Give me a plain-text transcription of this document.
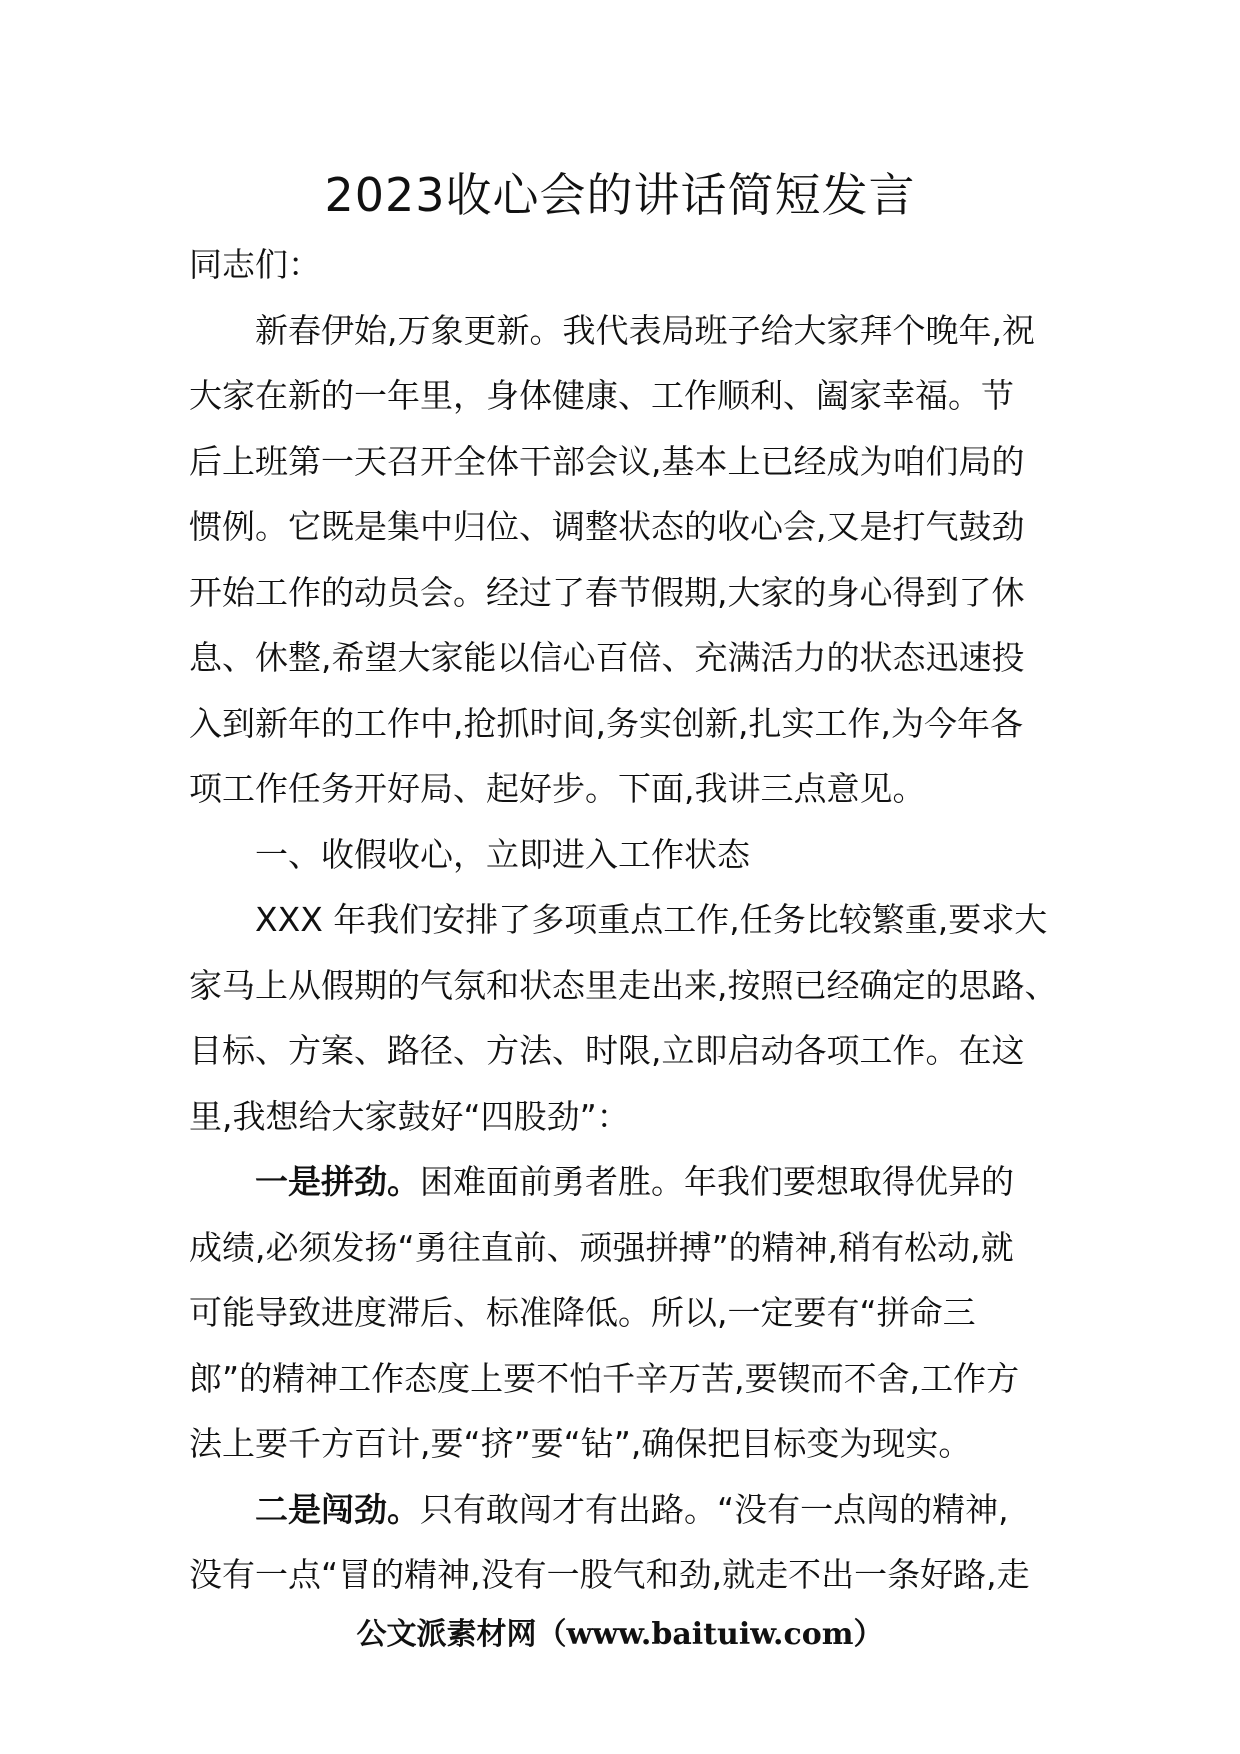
2023收心会的讲话简短发言
同志们：
新春伊始,万象更新。我代表局班子给大家拜个晚年,祝
大家在新的一年里，身体健康、工作顺利、阖家幸福。节
后上班第一天召开全体干部会议,基本上已经成为咱们局的
惯例。它既是集中归位、调整状态的收心会,又是打气鼓劲
开始工作的动员会。经过了春节假期,大家的身心得到了休
息、休整,希望大家能以信心百倍、充满活力的状态迅速投
入到新年的工作中,抢抓时间,务实创新,扎实工作,为今年各
项工作任务开好局、起好步。下面,我讲三点意见。
一、收假收心，立即进入工作状态
XXX 年我们安排了多项重点工作,任务比较繁重,要求大
家马上从假期的气氛和状态里走出来,按照已经确定的思路、
目标、方案、路径、方法、时限,立即启动各项工作。在这
里,我想给大家鼓好“四股劲”：
一是拼劲。困难面前勇者胜。年我们要想取得优异的
成绩,必须发扬“勇往直前、顽强拼搏”的精神,稍有松动,就
可能导致进度滞后、标准降低。所以,一定要有“拼命三
郎”的精神工作态度上要不怕千辛万苦,要锲而不舍,工作方
法上要千方百计,要“挤”要“钻”,确保把目标变为现实。
二是闯劲。只有敢闯才有出路。“没有一点闯的精神,
没有一点“冒的精神,没有一股气和劲,就走不出一条好路,走
公文派素材网（www.baituiw.com）
